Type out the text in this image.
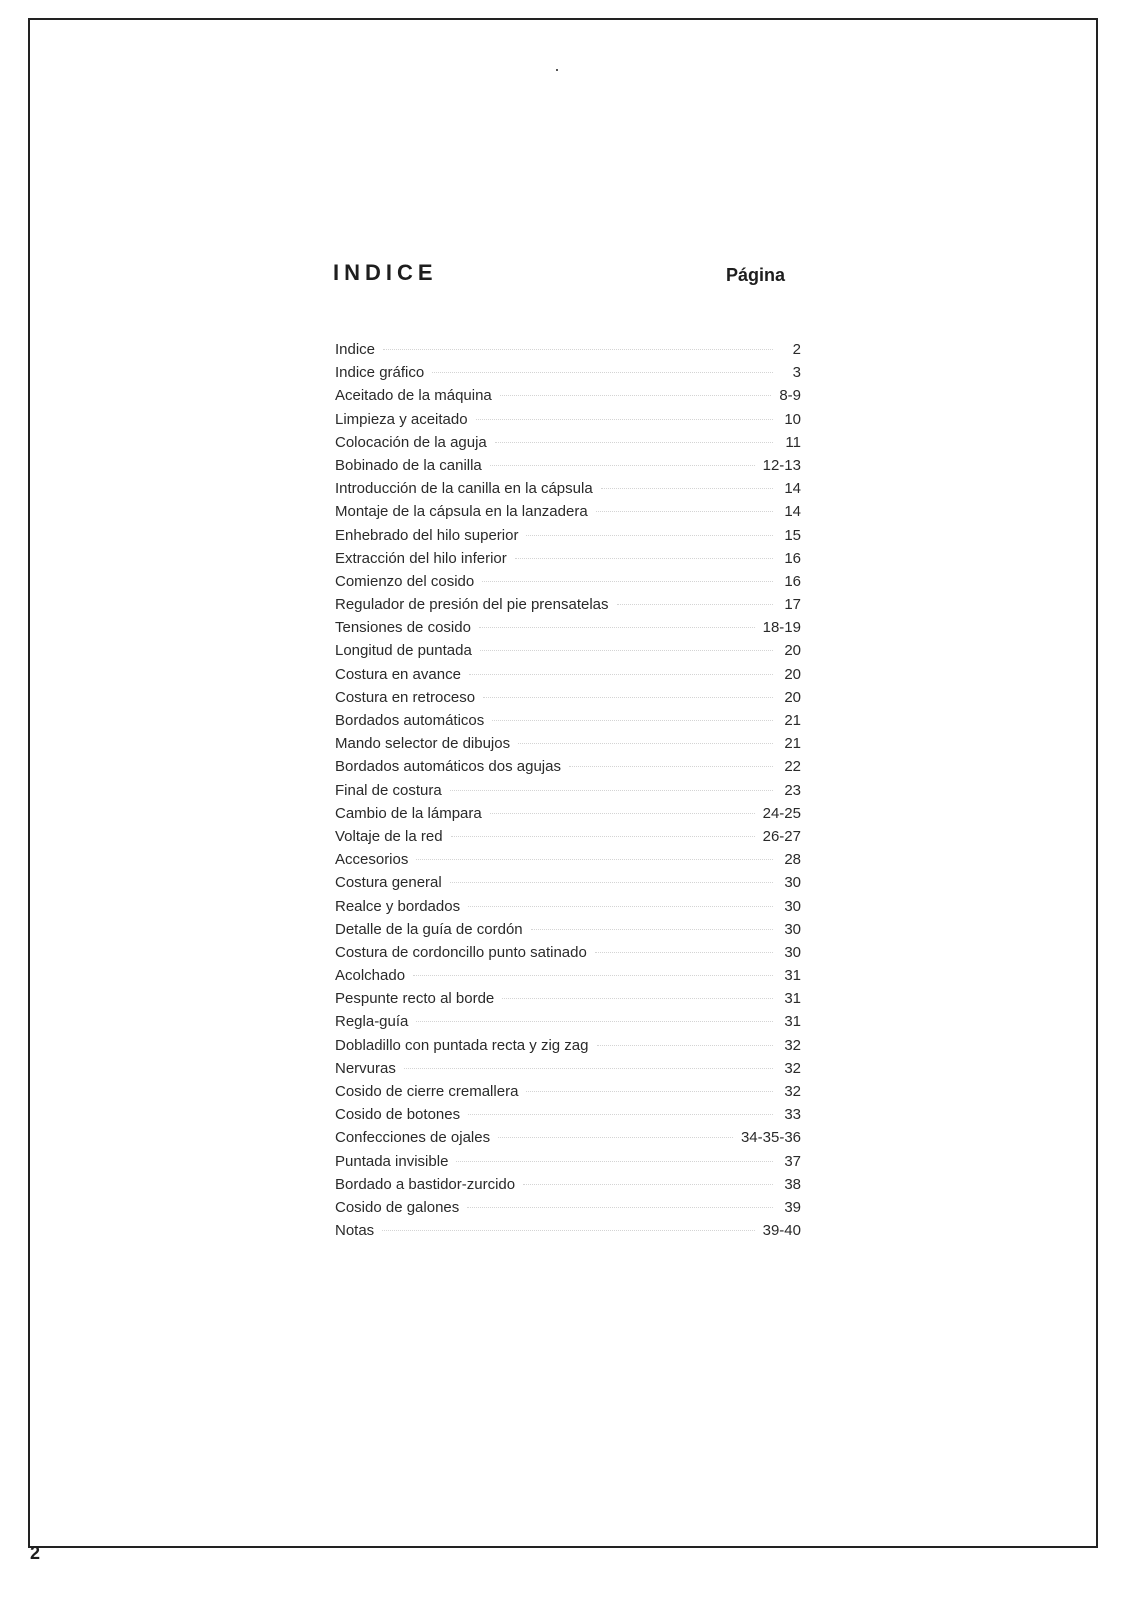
INDICE	Página
Indice	2
Indice gráfico	3
Aceitado de la máquina	8-9
Limpieza y aceitado	10
Colocación de la aguja	11
Bobinado de la canilla	12-13
Introducción de la canilla en la cápsula	14
Montaje de la cápsula en la lanzadera	14
Enhebrado del hilo superior	15
Extracción del hilo inferior	16
Comienzo del cosido	16
Regulador de presión del pie prensatelas	17
Tensiones de cosido	18-19
Longitud de puntada	20
Costura en avance	20
Costura en retroceso	20
Bordados automáticos	21
Mando selector de dibujos	21
Bordados automáticos dos agujas	22
Final de costura	23
Cambio de la lámpara	24-25
Voltaje de la red	26-27
Accesorios	28
Costura general	30
Realce y bordados	30
Detalle de la guía de cordón	30
Costura de cordoncillo punto satinado	30
Acolchado	31
Pespunte recto al borde	31
Regla-guía	31
Dobladillo con puntada recta y zig zag	32
Nervuras	32
Cosido de cierre cremallera	32
Cosido de botones	33
Confecciones de ojales	34-35-36
Puntada invisible	37
Bordado a bastidor-zurcido	38
Cosido de galones	39
Notas	39-40
2
